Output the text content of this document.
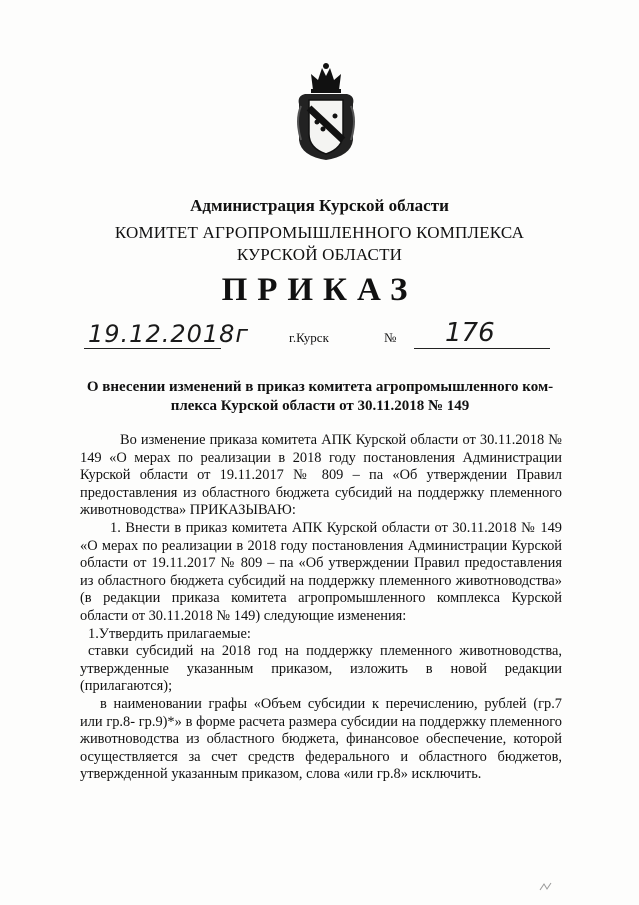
Администрация Курской области
КОМИТЕТ АГРОПРОМЫШЛЕННОГО КОМПЛЕКСА
КУРСКОЙ ОБЛАСТИ
ПРИКАЗ
19.12.2018г	г.Курск	№ 176
О внесении изменений в приказ комитета агропромышленного ком-
плекса Курской области от 30.11.2018 № 149

Во изменение приказа комитета АПК Курской области от 30.11.2018 № 149 «О мерах по реализации в 2018 году постановления Администрации Курской области от 19.11.2017 № 809 – па «Об утверждении Правил предоставления из областного бюджета субсидий на поддержку племенного животноводства» ПРИКАЗЫВАЮ:

1. Внести в приказ комитета АПК Курской области от 30.11.2018 № 149 «О мерах по реализации в 2018 году постановления Администрации Курской области от 19.11.2017 № 809 – па «Об утверждении Правил предоставления из областного бюджета субсидий на поддержку племенного животноводства» (в редакции приказа комитета агропромышленного комплекса Курской области от 30.11.2018 № 149) следующие изменения:

1.Утвердить прилагаемые:

ставки субсидий на 2018 год на поддержку племенного животноводства, утвержденные указанным приказом, изложить в новой редакции (прилагаются);

в наименовании графы «Объем субсидии к перечислению, рублей (гр.7 или гр.8- гр.9)*» в форме расчета размера субсидии на поддержку племенного животноводства из областного бюджета, финансовое обеспечение, которой осуществляется за счет средств федерального и областного бюджетов, утвержденной указанным приказом, слова «или гр.8» исключить.
